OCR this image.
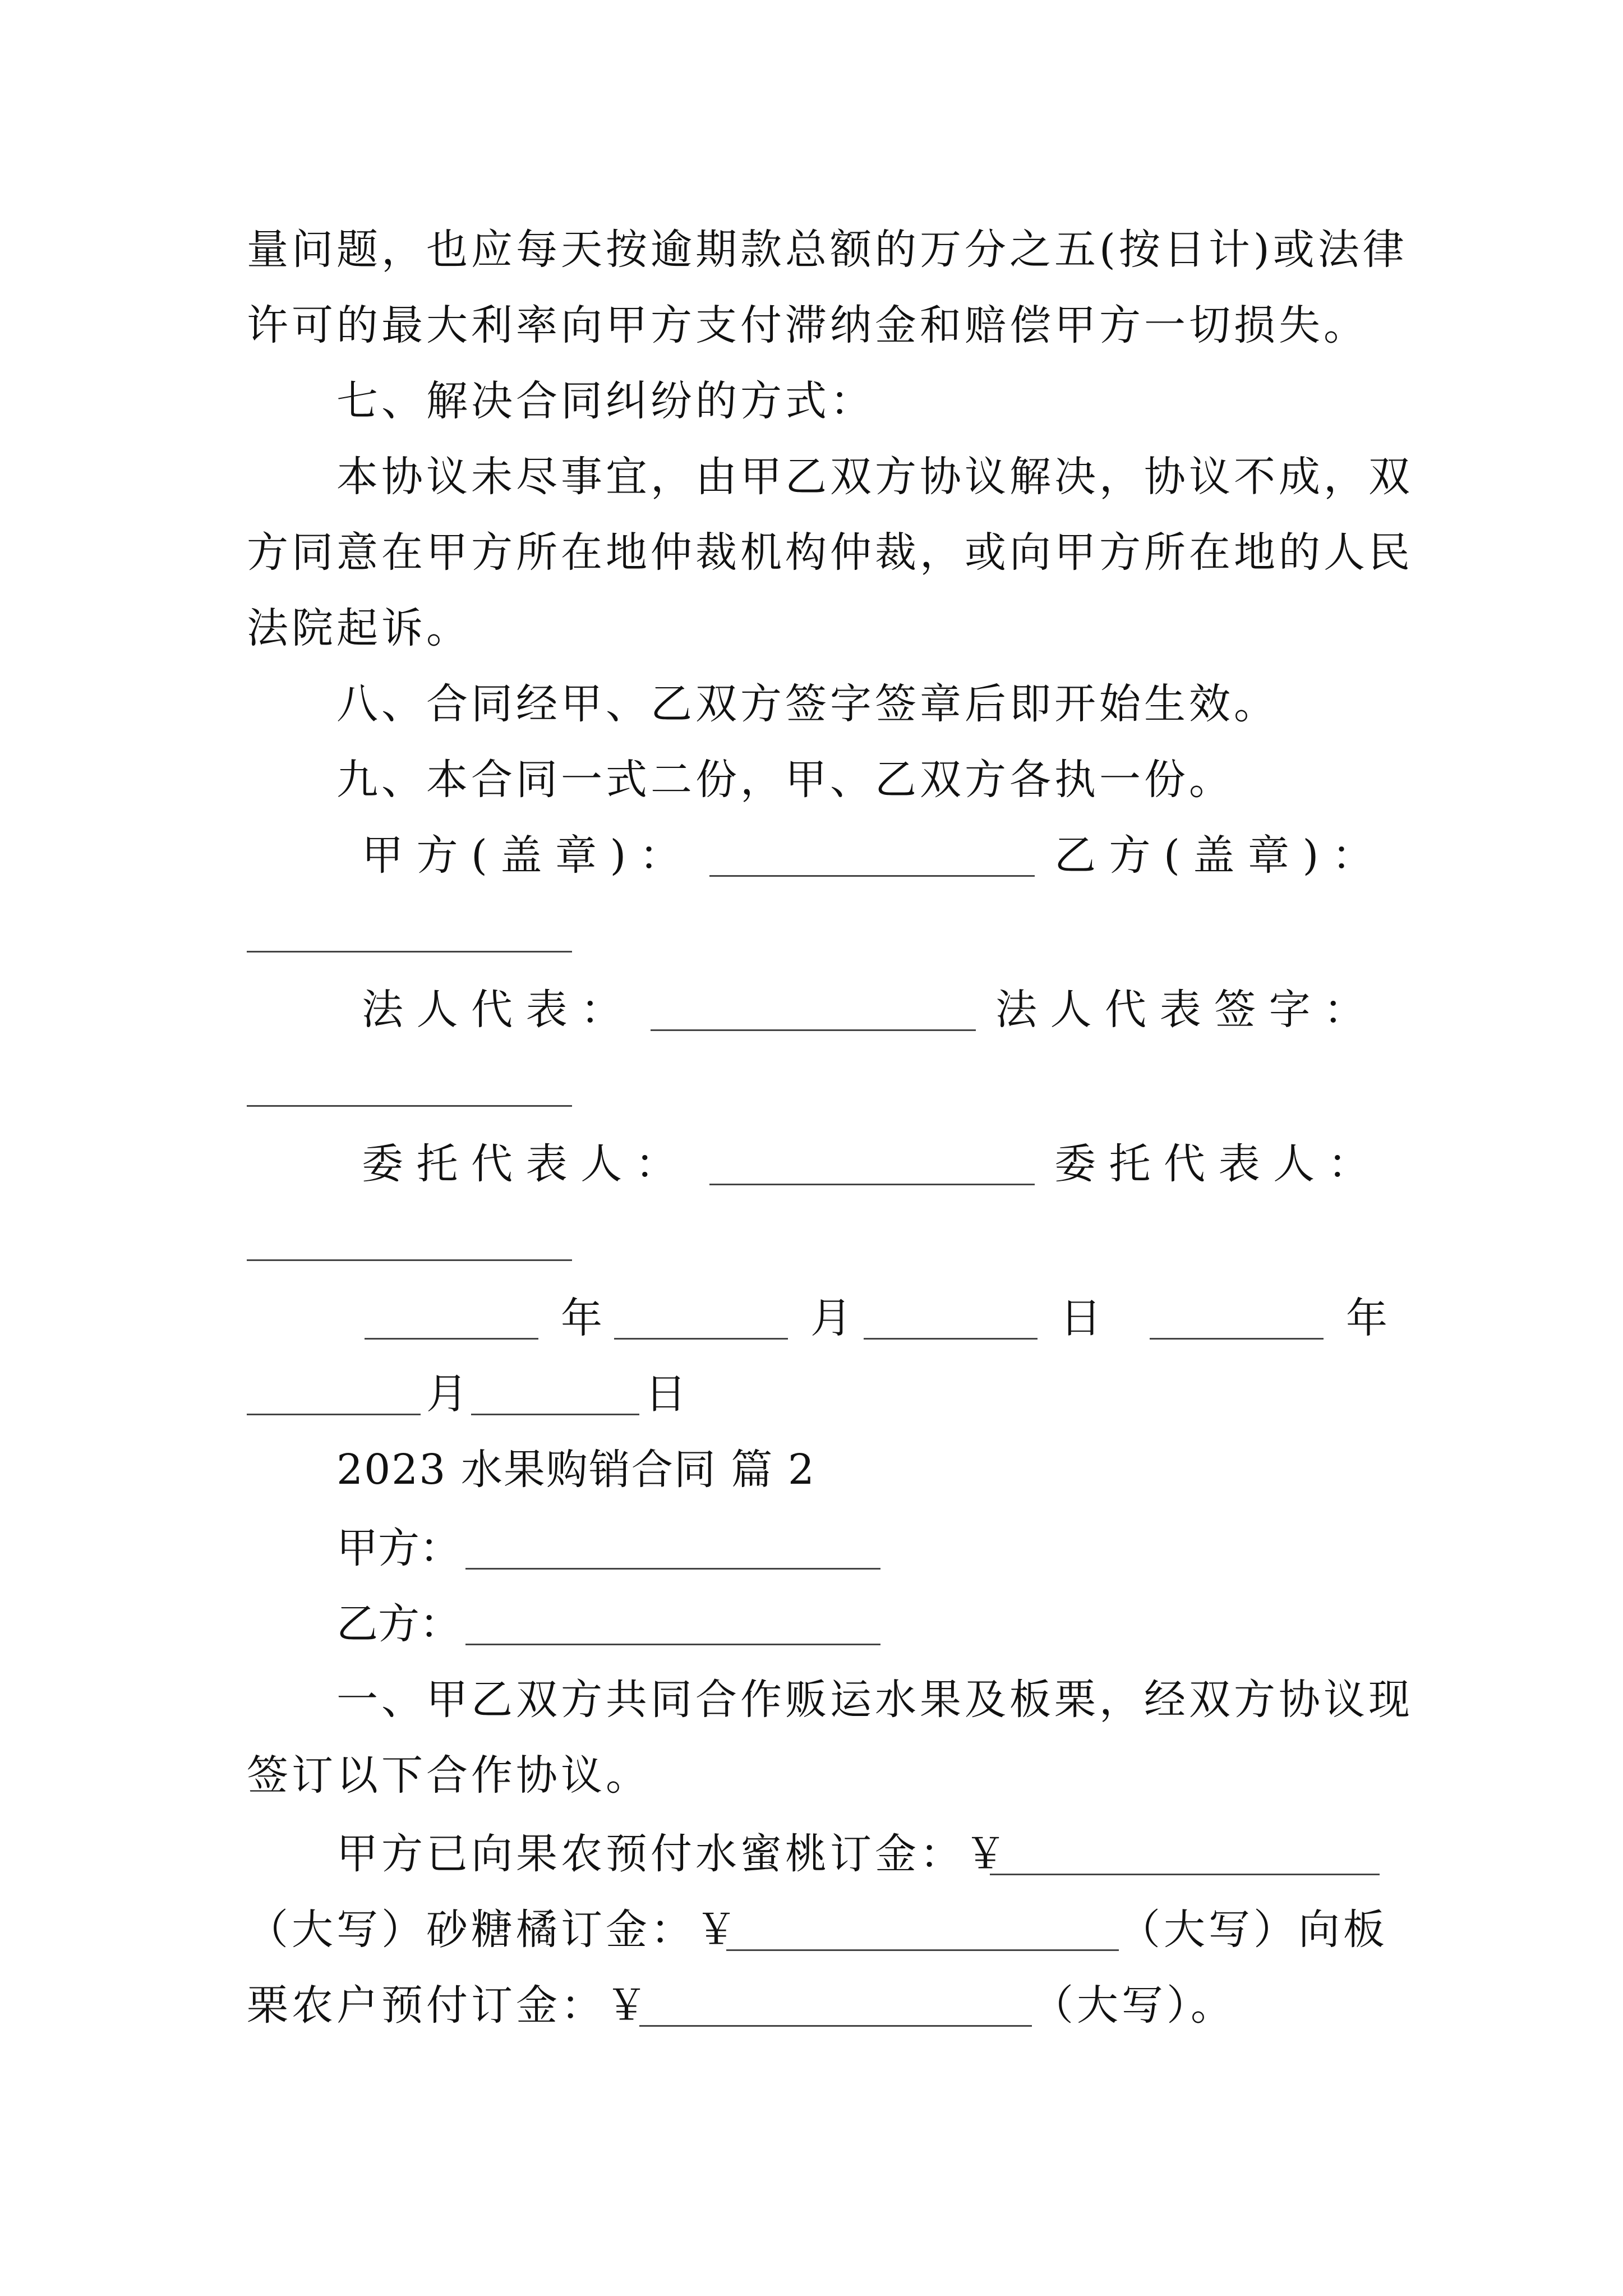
量问题，也应每天按逾期款总额的万分之五(按日计)或法律
许可的最大利率向甲方支付滞纳金和赔偿甲方一切损失。
七、解决合同纠纷的方式：
本协议未尽事宜，由甲乙双方协议解决，协议不成，双
方同意在甲方所在地仲裁机构仲裁，或向甲方所在地的人民
法院起诉。
八、合同经甲、乙双方签字签章后即开始生效。
九、本合同一式二份，甲、乙双方各执一份。
甲 方 ( 盖 章 ) ：	乙 方 ( 盖 章 ) ：
法 人 代 表 ：	法 人 代 表 签 字 ：
委 托 代 表 人 ：	委 托 代 表 人 ：
年	月	日	年
月	日
2023 水果购销合同 篇 2
甲方：
乙方：
一、甲乙双方共同合作贩运水果及板栗，经双方协议现
签订以下合作协议。
甲方已向果农预付水蜜桃订金：￥
（大写）砂糖橘订金：￥	（大写）向板
栗农户预付订金：￥	（大写）。
